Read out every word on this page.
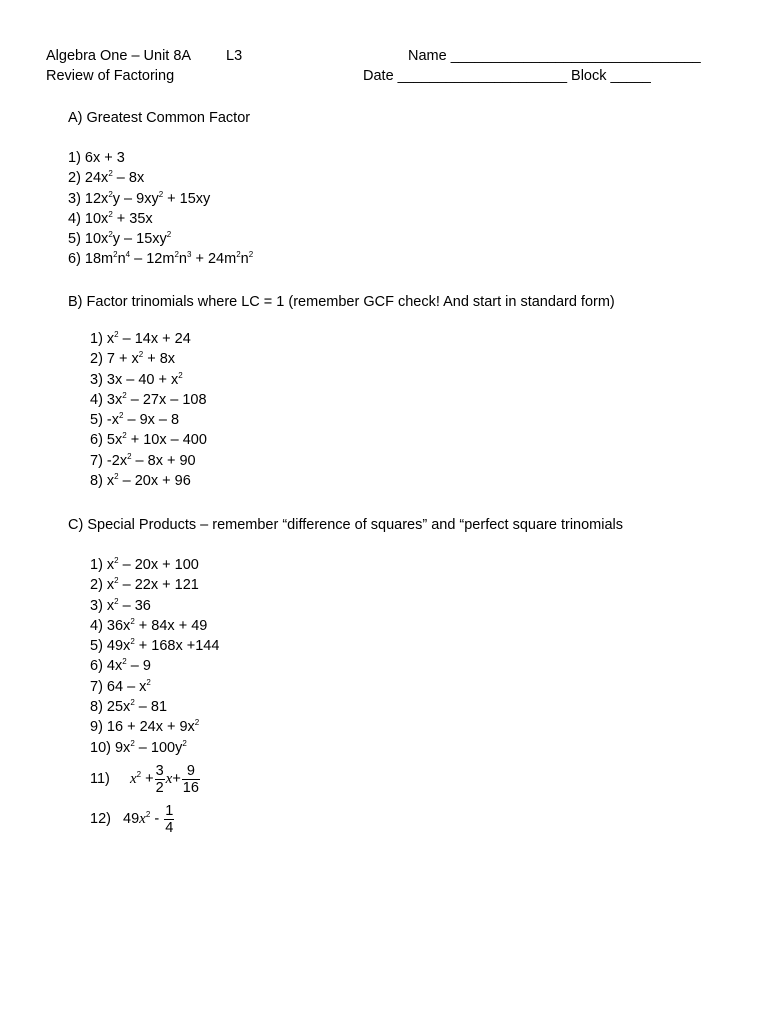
Algebra One – Unit 8A L3
Review of Factoring
Name _______________________________
Date _____________________ Block _____
A) Greatest Common Factor
1) 6x + 3
2) $24x^2 - 8x$
3) $12x^2y - 9xy^2 + 15xy$
4) $10x^2 + 35x$
5) $10x^2y - 15xy^2$
6) $18m^2n^4 - 12m^2n^3 + 24m^2n^2$
B) Factor trinomials where LC = 1 (remember GCF check! And start in standard form)
1) $x^2 - 14x + 24$
2) $7 + x^2 + 8x$
3) $3x - 40 + x^2$
4) $3x^2 - 27x - 108$
5) $-x^2 - 9x - 8$
6) $5x^2 + 10x - 400$
7) $-2x^2 - 8x + 90$
8) $x^2 - 20x + 96$
C) Special Products – remember “difference of squares” and “perfect square trinomials
1) $x^2 - 20x + 100$
2) $x^2 - 22x + 121$
3) $x^2 - 36$
4) $36x^2 + 84x + 49$
5) $49x^2 + 168x +144$
6) $4x^2 - 9$
7) $64 - x^2$
8) $25x^2 - 81$
9) $16 + 24x + 9x^2$
10) $9x^2 - 100y^2$
11) $x^2 + \frac{3}{2} x+ \frac{9}{16}$
12) $49x^2 - \frac{1}{4}$
